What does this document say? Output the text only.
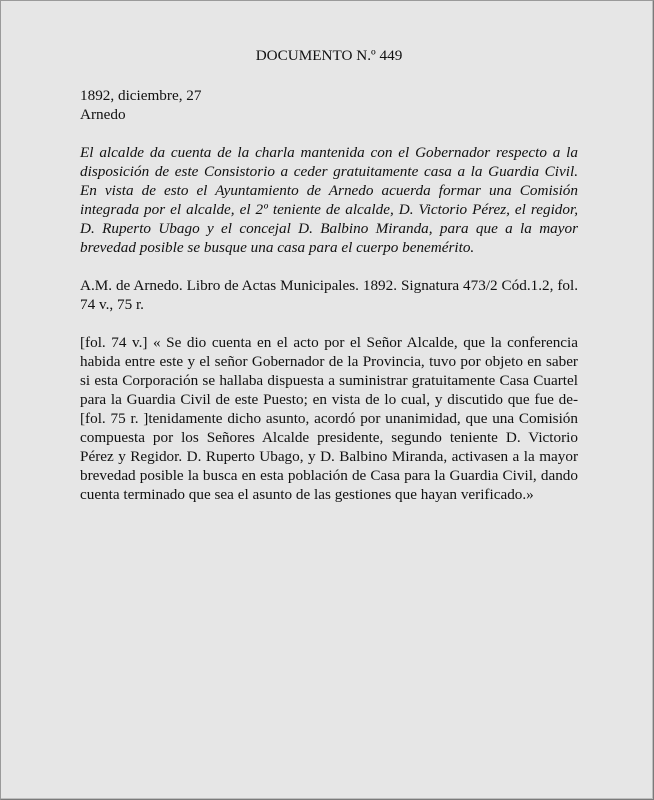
DOCUMENTO N.º 449

1892, diciembre, 27

Arnedo

El alcalde da cuenta de la charla mantenida con el Gobernador respecto a la disposición de este Consistorio a ceder gratuitamente casa a la Guardia Civil. En vista de esto el Ayuntamiento de Arnedo acuerda formar una Comisión integrada por el alcalde, el 2º teniente de alcalde, D. Victorio Pérez, el regidor, D. Ruperto Ubago y el concejal D. Balbino Miranda, para que a la mayor brevedad posible se busque una casa para el cuerpo benemérito.

A.M. de Arnedo. Libro de Actas Municipales. 1892. Signatura 473/2 Cód.1.2, fol. 74 v., 75 r.

[fol. 74 v.] « Se dio cuenta en el acto por el Señor Alcalde, que la conferencia habida entre este y el señor Gobernador de la Provincia, tuvo por objeto en saber si esta Corporación se hallaba dispuesta a suministrar gratuitamente Casa Cuartel para la Guardia Civil de este Puesto; en vista de lo cual, y discutido que fue de- [fol. 75 r. ]tenidamente dicho asunto, acordó por unanimidad, que una Comisión compuesta por los Señores Alcalde presidente, segundo teniente D. Victorio Pérez y Regidor. D. Ruperto Ubago, y D. Balbino Miranda, activasen a la mayor brevedad posible la busca en esta población de Casa para la Guardia Civil, dando cuenta terminado que sea el asunto de las gestiones que hayan verificado.»
